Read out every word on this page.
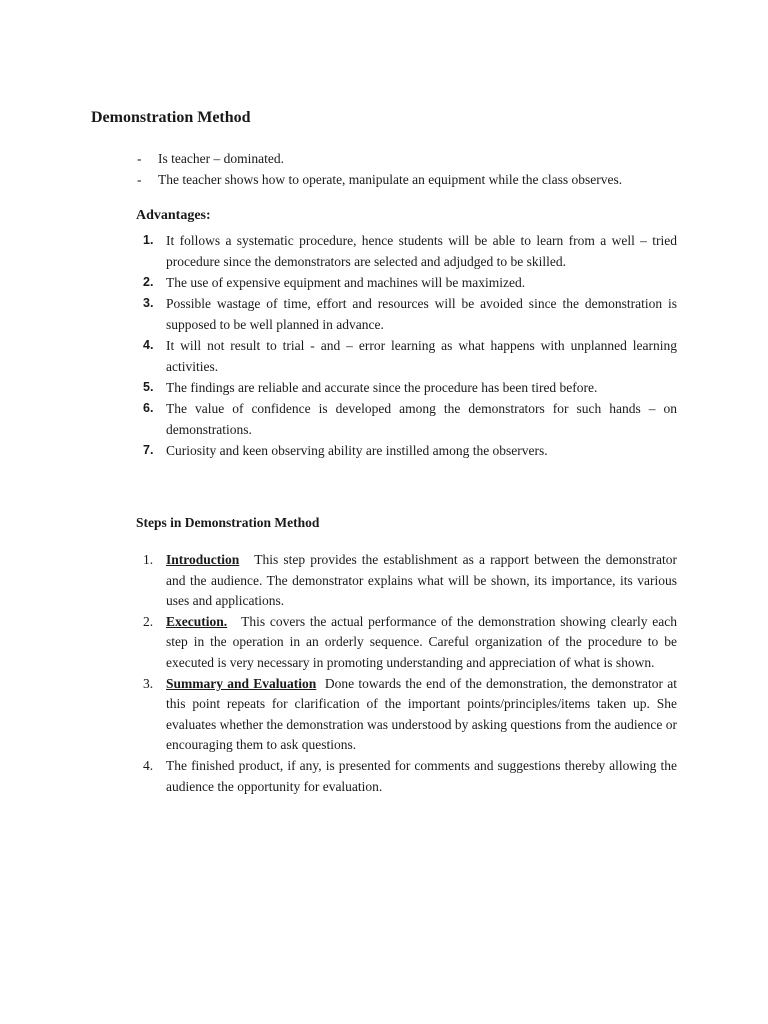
Demonstration Method
-	Is teacher – dominated.
-	The teacher shows how to operate, manipulate an equipment while the class observes.
Advantages:
1. It follows a systematic procedure, hence students will be able to learn from a well – tried procedure since the demonstrators are selected and adjudged to be skilled.
2. The use of expensive equipment and machines will be maximized.
3. Possible wastage of time, effort and resources will be avoided since the demonstration is supposed to be well planned in advance.
4. It will not result to trial - and – error learning as what happens with unplanned learning activities.
5. The findings are reliable and accurate since the procedure has been tired before.
6. The value of confidence is developed among the demonstrators for such hands – on demonstrations.
7. Curiosity and keen observing ability are instilled among the observers.
Steps in Demonstration Method
1. Introduction This step provides the establishment as a rapport between the demonstrator and the audience. The demonstrator explains what will be shown, its importance, its various uses and applications.
2. Execution. This covers the actual performance of the demonstration showing clearly each step in the operation in an orderly sequence. Careful organization of the procedure to be executed is very necessary in promoting understanding and appreciation of what is shown.
3. Summary and Evaluation Done towards the end of the demonstration, the demonstrator at this point repeats for clarification of the important points/principles/items taken up. She evaluates whether the demonstration was understood by asking questions from the audience or encouraging them to ask questions.
4. The finished product, if any, is presented for comments and suggestions thereby allowing the audience the opportunity for evaluation.
